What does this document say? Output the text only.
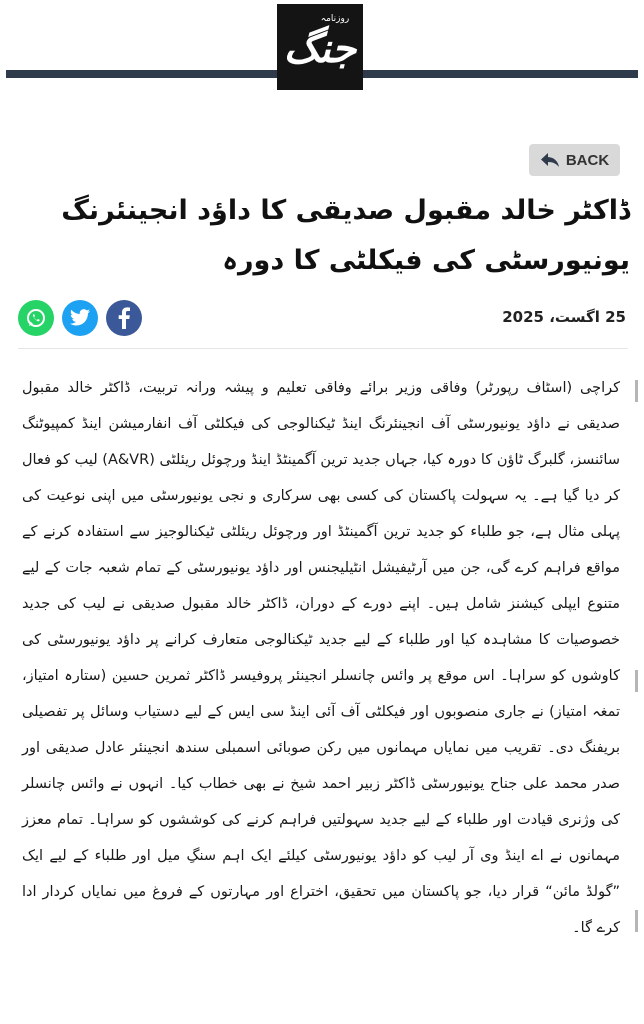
روزنامہ
جنگ
BACK
ڈاکٹر خالد مقبول صدیقی کا داؤد انجینئرنگ یونیورسٹی کی فیکلٹی کا دورہ
25 اگست، 2025
کراچی (اسٹاف رپورٹر) وفاقی وزیر برائے وفاقی تعلیم و پیشہ ورانہ تربیت، ڈاکٹر خالد مقبول صدیقی نے داؤد یونیورسٹی آف انجینئرنگ اینڈ ٹیکنالوجی کی فیکلٹی آف انفارمیشن اینڈ کمپیوٹنگ سائنسز، گلبرگ ٹاؤن کا دورہ کیا، جہاں جدید ترین آگمینٹڈ اینڈ ورچوئل ریئلٹی (A&VR) لیب کو فعال کر دیا گیا ہے۔ یہ سہولت پاکستان کی کسی بھی سرکاری و نجی یونیورسٹی میں اپنی نوعیت کی پہلی مثال ہے، جو طلباء کو جدید ترین آگمینٹڈ اور ورچوئل ریئلٹی ٹیکنالوجیز سے استفادہ کرنے کے مواقع فراہم کرے گی، جن میں آرٹیفیشل انٹیلیجنس اور داؤد یونیورسٹی کے تمام شعبہ جات کے لیے متنوع ایپلی کیشنز شامل ہیں۔ اپنے دورے کے دوران، ڈاکٹر خالد مقبول صدیقی نے لیب کی جدید خصوصیات کا مشاہدہ کیا اور طلباء کے لیے جدید ٹیکنالوجی متعارف کرانے پر داؤد یونیورسٹی کی کاوشوں کو سراہا۔ اس موقع پر وائس چانسلر انجینئر پروفیسر ڈاکٹر ثمرین حسین (ستارہ امتیاز، تمغہ امتیاز) نے جاری منصوبوں اور فیکلٹی آف آئی اینڈ سی ایس کے لیے دستیاب وسائل پر تفصیلی بریفنگ دی۔ تقریب میں نمایاں مہمانوں میں رکن صوبائی اسمبلی سندھ انجینئر عادل صدیقی اور صدر محمد علی جناح یونیورسٹی ڈاکٹر زبیر احمد شیخ نے بھی خطاب کیا۔ انہوں نے وائس چانسلر کی وژنری قیادت اور طلباء کے لیے جدید سہولتیں فراہم کرنے کی کوششوں کو سراہا۔ تمام معزز مہمانوں نے اے اینڈ وی آر لیب کو داؤد یونیورسٹی کیلئے ایک اہم سنگِ میل اور طلباء کے لیے ایک ”گولڈ مائن“ قرار دیا، جو پاکستان میں تحقیق، اختراع اور مہارتوں کے فروغ میں نمایاں کردار ادا کرے گا۔
